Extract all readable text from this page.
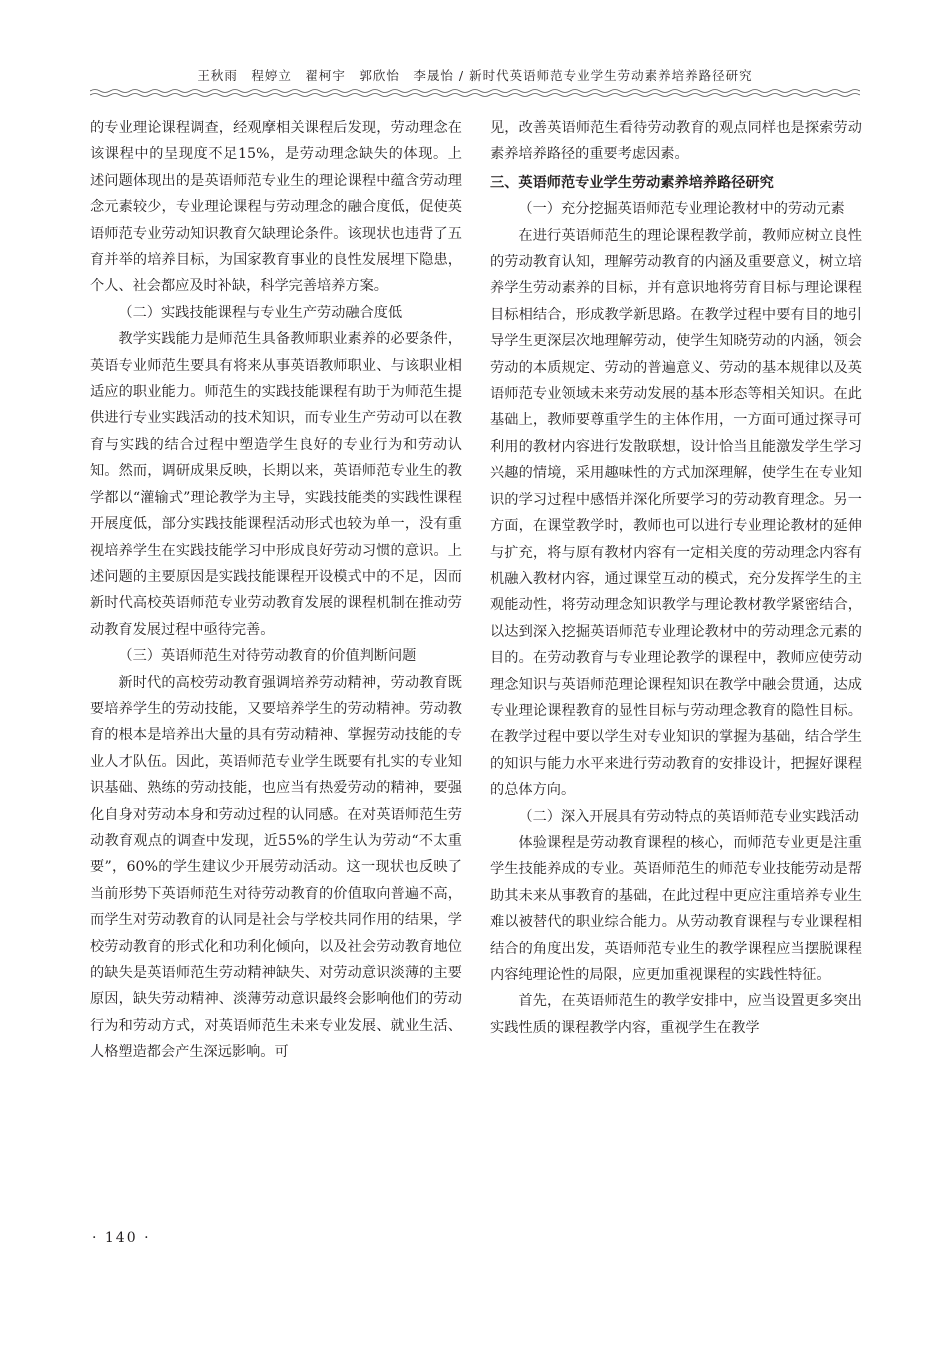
王秋雨　程婷立　翟柯宇　郭欣怡　李晟怡 / 新时代英语师范专业学生劳动素养培养路径研究

的专业理论课程调查，经观摩相关课程后发现，劳动理念在该课程中的呈现度不足15%，是劳动理念缺失的体现。上述问题体现出的是英语师范专业生的理论课程中蕴含劳动理念元素较少，专业理论课程与劳动理念的融合度低，促使英语师范专业劳动知识教育欠缺理论条件。该现状也违背了五育并举的培养目标，为国家教育事业的良性发展埋下隐患，个人、社会都应及时补缺，科学完善培养方案。

（二）实践技能课程与专业生产劳动融合度低

教学实践能力是师范生具备教师职业素养的必要条件，英语专业师范生要具有将来从事英语教师职业、与该职业相适应的职业能力。师范生的实践技能课程有助于为师范生提供进行专业实践活动的技术知识，而专业生产劳动可以在教育与实践的结合过程中塑造学生良好的专业行为和劳动认知。然而，调研成果反映，长期以来，英语师范专业生的教学都以“灌输式”理论教学为主导，实践技能类的实践性课程开展度低，部分实践技能课程活动形式也较为单一，没有重视培养学生在实践技能学习中形成良好劳动习惯的意识。上述问题的主要原因是实践技能课程开设模式中的不足，因而新时代高校英语师范专业劳动教育发展的课程机制在推动劳动教育发展过程中亟待完善。

（三）英语师范生对待劳动教育的价值判断问题

新时代的高校劳动教育强调培养劳动精神，劳动教育既要培养学生的劳动技能，又要培养学生的劳动精神。劳动教育的根本是培养出大量的具有劳动精神、掌握劳动技能的专业人才队伍。因此，英语师范专业学生既要有扎实的专业知识基础、熟练的劳动技能，也应当有热爱劳动的精神，要强化自身对劳动本身和劳动过程的认同感。在对英语师范生劳动教育观点的调查中发现，近55%的学生认为劳动“不太重要”，60%的学生建议少开展劳动活动。这一现状也反映了当前形势下英语师范生对待劳动教育的价值取向普遍不高，而学生对劳动教育的认同是社会与学校共同作用的结果，学校劳动教育的形式化和功利化倾向，以及社会劳动教育地位的缺失是英语师范生劳动精神缺失、对劳动意识淡薄的主要原因，缺失劳动精神、淡薄劳动意识最终会影响他们的劳动行为和劳动方式，对英语师范生未来专业发展、就业生活、人格塑造都会产生深远影响。可

见，改善英语师范生看待劳动教育的观点同样也是探索劳动素养培养路径的重要考虑因素。

三、英语师范专业学生劳动素养培养路径研究
（一）充分挖掘英语师范专业理论教材中的劳动元素

在进行英语师范生的理论课程教学前，教师应树立良性的劳动教育认知，理解劳动教育的内涵及重要意义，树立培养学生劳动素养的目标，并有意识地将劳育目标与理论课程目标相结合，形成教学新思路。在教学过程中要有目的地引导学生更深层次地理解劳动，使学生知晓劳动的内涵，领会劳动的本质规定、劳动的普遍意义、劳动的基本规律以及英语师范专业领域未来劳动发展的基本形态等相关知识。在此基础上，教师要尊重学生的主体作用，一方面可通过探寻可利用的教材内容进行发散联想，设计恰当且能激发学生学习兴趣的情境，采用趣味性的方式加深理解，使学生在专业知识的学习过程中感悟并深化所要学习的劳动教育理念。另一方面，在课堂教学时，教师也可以进行专业理论教材的延伸与扩充，将与原有教材内容有一定相关度的劳动理念内容有机融入教材内容，通过课堂互动的模式，充分发挥学生的主观能动性，将劳动理念知识教学与理论教材教学紧密结合，以达到深入挖掘英语师范专业理论教材中的劳动理念元素的目的。在劳动教育与专业理论教学的课程中，教师应使劳动理念知识与英语师范理论课程知识在教学中融会贯通，达成专业理论课程教育的显性目标与劳动理念教育的隐性目标。在教学过程中要以学生对专业知识的掌握为基础，结合学生的知识与能力水平来进行劳动教育的安排设计，把握好课程的总体方向。

（二）深入开展具有劳动特点的英语师范专业实践活动

体验课程是劳动教育课程的核心，而师范专业更是注重学生技能养成的专业。英语师范生的师范专业技能劳动是帮助其未来从事教育的基础，在此过程中更应注重培养专业生难以被替代的职业综合能力。从劳动教育课程与专业课程相结合的角度出发，英语师范专业生的教学课程应当摆脱课程内容纯理论性的局限，应更加重视课程的实践性特征。

首先，在英语师范生的教学安排中，应当设置更多突出实践性质的课程教学内容，重视学生在教学

· 140 ·
